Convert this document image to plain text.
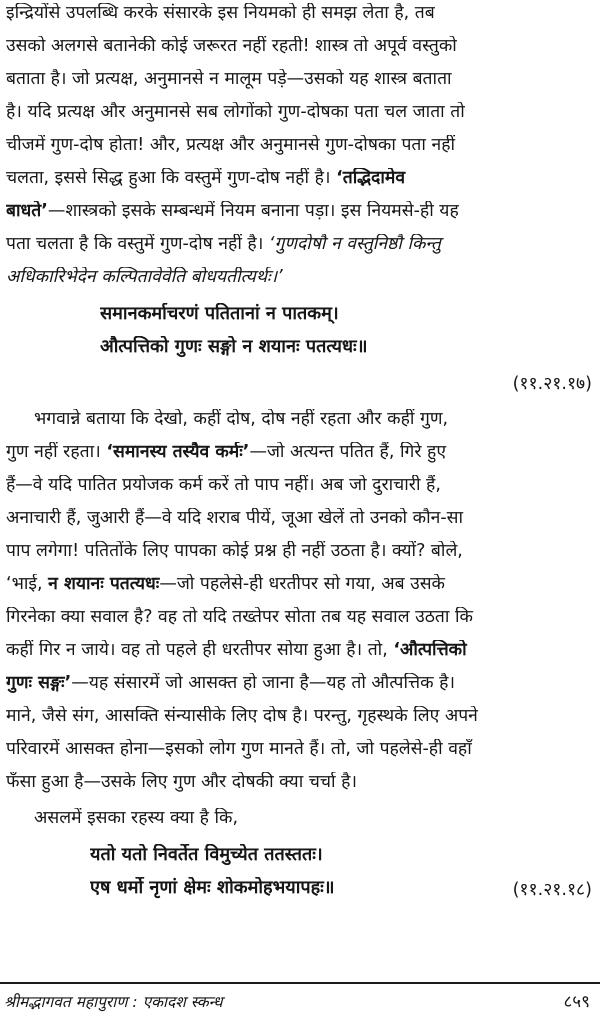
इन्द्रियोंसे उपलब्धि करके संसारके इस नियमको ही समझ लेता है, तब
उसको अलगसे बतानेकी कोई जरूरत नहीं रहती! शास्त्र तो अपूर्व वस्तुको
बताता है। जो प्रत्यक्ष, अनुमानसे न मालूम पड़े—उसको यह शास्त्र बताता
है। यदि प्रत्यक्ष और अनुमानसे सब लोगोंको गुण-दोषका पता चल जाता तो
चीजमें गुण-दोष होता! और, प्रत्यक्ष और अनुमानसे गुण-दोषका पता नहीं
चलता, इससे सिद्ध हुआ कि वस्तुमें गुण-दोष नहीं है। ‘तद्भिदामेव
बाधते’—शास्त्रको इसके सम्बन्धमें नियम बनाना पड़ा। इस नियमसे-ही यह
पता चलता है कि वस्तुमें गुण-दोष नहीं है। ‘गुणदोषौ न वस्तुनिष्ठौ किन्तु
अधिकारिभेदेन कल्पितावेवेति बोधयतीत्यर्थः।’
समानकर्माचरणं पतितानां न पातकम्।
औत्पत्तिको गुणः सङ्गो न शयानः पतत्यधः॥
(११.२१.१७)
भगवान्ने बताया कि देखो, कहीं दोष, दोष नहीं रहता और कहीं गुण,
गुण नहीं रहता। ‘समानस्य तस्यैव कर्मः’—जो अत्यन्त पतित हैं, गिरे हुए
हैं—वे यदि पातित प्रयोजक कर्म करें तो पाप नहीं। अब जो दुराचारी हैं,
अनाचारी हैं, जुआरी हैं—वे यदि शराब पीयें, जूआ खेलें तो उनको कौन-सा
पाप लगेगा! पतितोंके लिए पापका कोई प्रश्न ही नहीं उठता है। क्यों? बोले,
‘भाई, न शयानः पतत्यधः—जो पहलेसे-ही धरतीपर सो गया, अब उसके
गिरनेका क्या सवाल है? वह तो यदि तख्तेपर सोता तब यह सवाल उठता कि
कहीं गिर न जाये। वह तो पहले ही धरतीपर सोया हुआ है। तो, ‘औत्पत्तिको
गुणः सङ्गः’—यह संसारमें जो आसक्त हो जाना है—यह तो औत्पत्तिक है।
माने, जैसे संग, आसक्ति संन्यासीके लिए दोष है। परन्तु, गृहस्थके लिए अपने
परिवारमें आसक्त होना—इसको लोग गुण मानते हैं। तो, जो पहलेसे-ही वहाँ
फँसा हुआ है—उसके लिए गुण और दोषकी क्या चर्चा है।
असलमें इसका रहस्य क्या है कि,
यतो यतो निवर्तेत विमुच्येत ततस्ततः।
एष धर्मो नृणां क्षेमः शोकमोहभयापहः॥	(११.२१.१८)
श्रीमद्भागवत महापुराण : एकादश स्कन्ध	८५९
